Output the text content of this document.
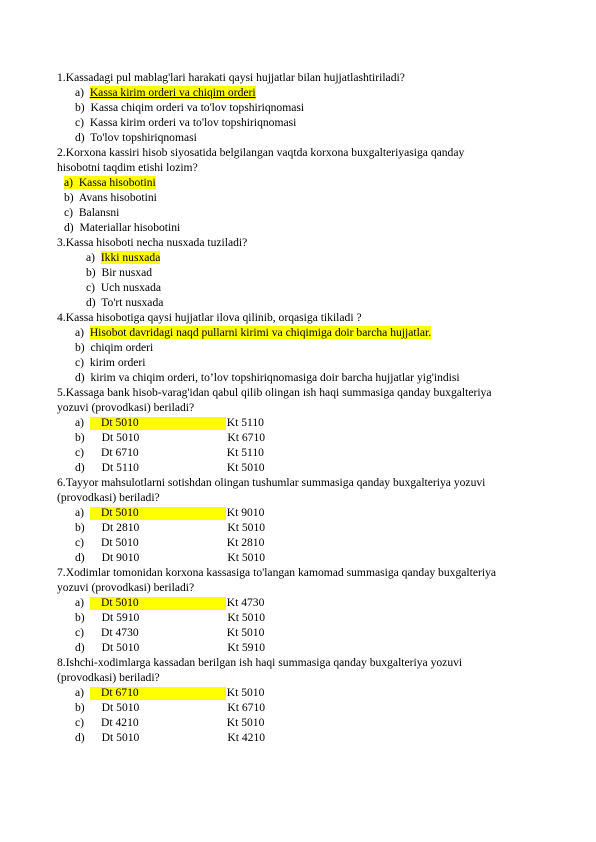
1.Kassadagi pul mablag'lari harakati qaysi hujjatlar bilan hujjatlashtiriladi?
a) Kassa kirim orderi va chiqim orderi
b) Kassa chiqim orderi va to'lov topshiriqnomasi
c) Kassa kirim orderi va to'lov topshiriqnomasi
d) To'lov topshiriqnomasi
2.Korxona kassiri hisob siyosatida belgilangan vaqtda korxona buxgalteriyasiga qanday
hisobotni taqdim etishi lozim?
a) Kassa hisobotini
b) Avans hisobotini
c) Balansni
d) Materiallar hisobotini
3.Kassa hisoboti necha nusxada tuziladi?
a) Ikki nusxada
b) Bir nusxad
c) Uch nusxada
d) To'rt nusxada
4.Kassa hisobotiga qaysi hujjatlar ilova qilinib, orqasiga tikiladi ?
a) Hisobot davridagi naqd pullarni kirimi va chiqimiga doir barcha hujjatlar.
b) chiqim orderi
c) kirim orderi
d) kirim va chiqim orderi, to’lov topshiriqnomasiga doir barcha hujjatlar yig'indisi
5.Kassaga bank hisob-varag'idan qabul qilib olingan ish haqi summasiga qanday buxgalteriya
yozuvi (provodkasi) beriladi?
a) Dt 5010	Kt 5110
b) Dt 5010	Kt 6710
c) Dt 6710	Kt 5110
d) Dt 5110	Kt 5010
6.Tayyor mahsulotlarni sotishdan olingan tushumlar summasiga qanday buxgalteriya yozuvi
(provodkasi) beriladi?
a) Dt 5010	Kt 9010
b) Dt 2810	Kt 5010
c) Dt 5010	Kt 2810
d) Dt 9010	Kt 5010
7.Xodimlar tomonidan korxona kassasiga to'langan kamomad summasiga qanday buxgalteriya
yozuvi (provodkasi) beriladi?
a) Dt 5010	Kt 4730
b) Dt 5910	Kt 5010
c) Dt 4730	Kt 5010
d) Dt 5010	Kt 5910
8.Ishchi-xodimlarga kassadan berilgan ish haqi summasiga qanday buxgalteriya yozuvi
(provodkasi) beriladi?
a) Dt 6710	Kt 5010
b) Dt 5010	Kt 6710
c) Dt 4210	Kt 5010
d) Dt 5010	Kt 4210
